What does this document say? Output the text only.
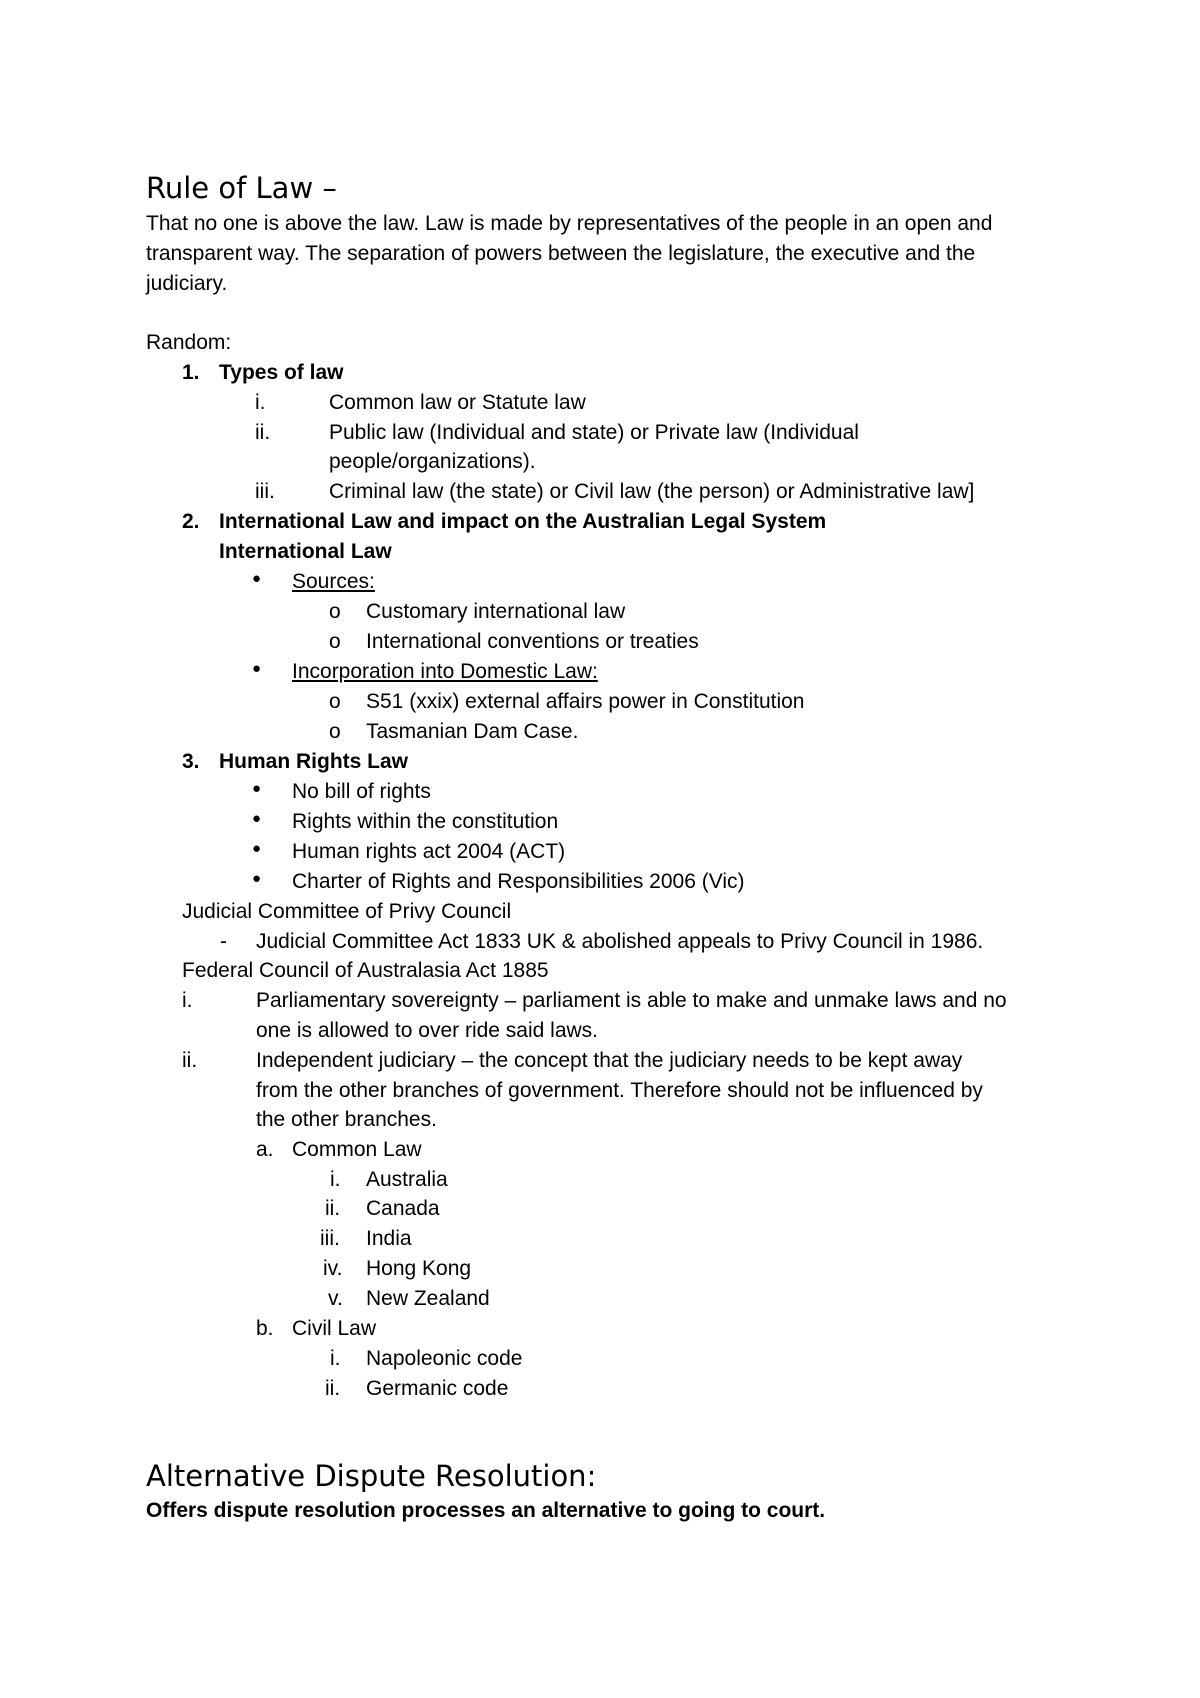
Rule of Law –
That no one is above the law. Law is made by representatives of the people in an open and
transparent way. The separation of powers between the legislature, the executive and the
judiciary.
Random:
1. Types of law
i.	Common law or Statute law
ii.	Public law (Individual and state) or Private law (Individual
people/organizations).
iii.	Criminal law (the state) or Civil law (the person) or Administrative law]
2. International Law and impact on the Australian Legal System
International Law
● Sources:
o Customary international law
o International conventions or treaties
● Incorporation into Domestic Law:
o S51 (xxix) external affairs power in Constitution
o Tasmanian Dam Case.
3. Human Rights Law
● No bill of rights
● Rights within the constitution
● Human rights act 2004 (ACT)
● Charter of Rights and Responsibilities 2006 (Vic)
Judicial Committee of Privy Council
- Judicial Committee Act 1833 UK & abolished appeals to Privy Council in 1986.
Federal Council of Australasia Act 1885
i.	Parliamentary sovereignty – parliament is able to make and unmake laws and no
one is allowed to over ride said laws.
ii.	Independent judiciary – the concept that the judiciary needs to be kept away
from the other branches of government. Therefore should not be influenced by
the other branches.
a. Common Law
i. Australia
ii. Canada
iii. India
iv. Hong Kong
v. New Zealand
b. Civil Law
i. Napoleonic code
ii. Germanic code
Alternative Dispute Resolution:
Offers dispute resolution processes an alternative to going to court.
